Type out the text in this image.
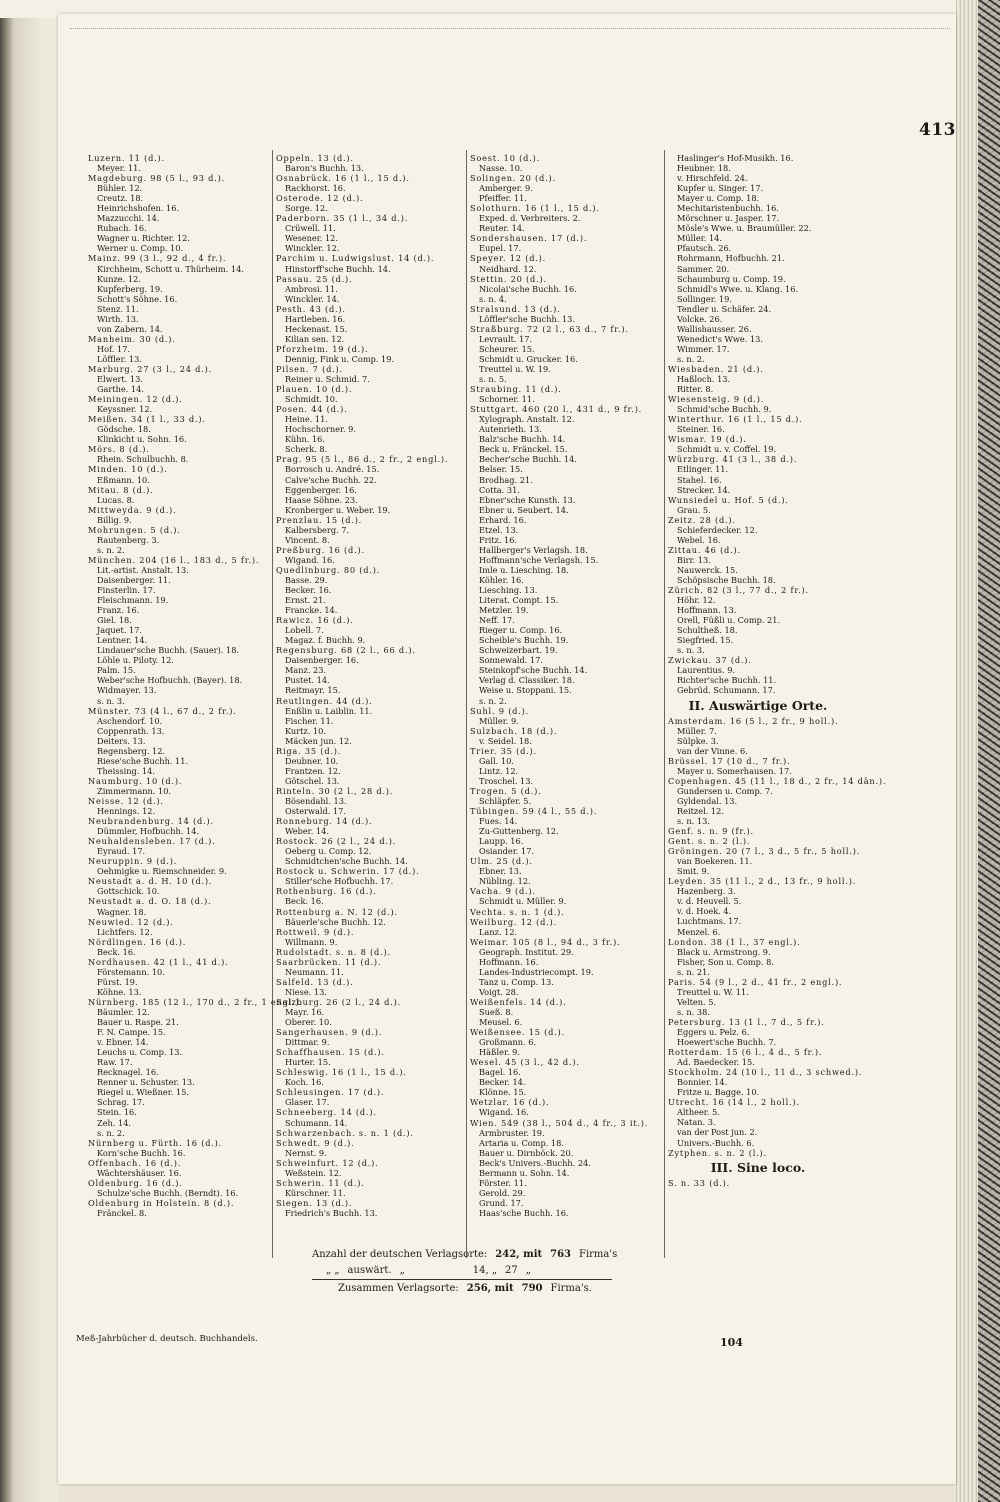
413
Luzern. 11 (d.).
Meyer. 11.
Magdeburg. 98 (5 l., 93 d.).
Bühler. 12.
Creutz. 18.
Heinrichshofen. 16.
Mazzucchi. 14.
Rubach. 16.
Wagner u. Richter. 12.
Werner u. Comp. 10.
Mainz. 99 (3 l., 92 d., 4 fr.).
Kirchheim, Schott u. Thürheim. 14.
Kunze. 12.
Kupferberg. 19.
Schott's Söhne. 16.
Stenz. 11.
Wirth. 13.
von Zabern. 14.
Manheim. 30 (d.).
Hof. 17.
Löffler. 13.
Marburg. 27 (3 l., 24 d.).
Elwert. 13.
Garthe. 14.
Meiningen. 12 (d.).
Keyssner. 12.
Meißen. 34 (1 l., 33 d.).
Gödsche. 18.
Klinkicht u. Sohn. 16.
Mörs. 8 (d.).
Rhein. Schulbuchh. 8.
Minden. 10 (d.).
Eßmann. 10.
Mitau. 8 (d.).
Lucas. 8.
Mittweyda. 9 (d.).
Billig. 9.
Mohrungen. 5 (d.).
Rautenberg. 3.
s. n. 2.
München. 204 (16 l., 183 d., 5 fr.).
Lit.-artist. Anstalt. 13.
Daisenberger. 11.
Finsterlin. 17.
Fleischmann. 19.
Franz. 16.
Giel. 18.
Jaquet. 17.
Lentner. 14.
Lindauer'sche Buchh. (Sauer). 18.
Löhle u. Piloty. 12.
Palm. 15.
Weber'sche Hofbuchh. (Bayer). 18.
Widmayer. 13.
s. n. 3.
Münster. 73 (4 l., 67 d., 2 fr.).
Aschendorf. 10.
Coppenrath. 13.
Deiters. 13.
Regensberg. 12.
Riese'sche Buchh. 11.
Theissing. 14.
Naumburg. 10 (d.).
Zimmermann. 10.
Neisse. 12 (d.).
Hennings. 12.
Neubrandenburg. 14 (d.).
Dümmler, Hofbuchh. 14.
Neuhaldensleben. 17 (d.).
Eyraud. 17.
Neuruppin. 9 (d.).
Oehmigke u. Riemschneider. 9.
Neustadt a. d. H. 10 (d.).
Gottschick. 10.
Neustadt a. d. O. 18 (d.).
Wagner. 18.
Neuwied. 12 (d.).
Lichtfers. 12.
Nördlingen. 16 (d.).
Beck. 16.
Nordhausen. 42 (1 l., 41 d.).
Förstemann. 10.
Fürst. 19.
Köhne. 13.
Nürnberg. 185 (12 l., 170 d., 2 fr., 1 engl.).
Bäumler. 12.
Bauer u. Raspe. 21.
F. N. Campe. 15.
v. Ebner. 14.
Leuchs u. Comp. 13.
Raw. 17.
Recknagel. 16.
Renner u. Schuster. 13.
Riegel u. Wießner. 15.
Schrag. 17.
Stein. 16.
Zeh. 14.
s. n. 2.
Nürnberg u. Fürth. 16 (d.).
Korn'sche Buchh. 16.
Offenbach. 16 (d.).
Wächtershäuser. 16.
Oldenburg. 16 (d.).
Schulze'sche Buchh. (Berndt). 16.
Oldenburg in Holstein. 8 (d.).
Fränckel. 8.
Oppeln. 13 (d.).
Baron's Buchh. 13.
Osnabrück. 16 (1 l., 15 d.).
Rackhorst. 16.
Osterode. 12 (d.).
Sorge. 12.
Paderborn. 35 (1 l., 34 d.).
Crüwell. 11.
Wesener. 12.
Winckler. 12.
Parchim u. Ludwigslust. 14 (d.).
Hinstorff'sche Buchh. 14.
Passau. 25 (d.).
Ambrosi. 11.
Winckler. 14.
Pesth. 43 (d.).
Hartleben. 16.
Heckenast. 15.
Kilian sen. 12.
Pforzheim. 19 (d.).
Dennig, Fink u. Comp. 19.
Pilsen. 7 (d.).
Reiner u. Schmid. 7.
Plauen. 10 (d.).
Schmidt. 10.
Posen. 44 (d.).
Heine. 11.
Hochschorner. 9.
Kühn. 16.
Scherk. 8.
Prag. 95 (5 l., 86 d., 2 fr., 2 engl.).
Borrosch u. André. 15.
Calve'sche Buchh. 22.
Eggenberger. 16.
Haase Söhne. 23.
Kronberger u. Weber. 19.
Prenzlau. 15 (d.).
Kalbersberg. 7.
Vincent. 8.
Preßburg. 16 (d.).
Wigand. 16.
Quedlinburg. 80 (d.).
Basse. 29.
Becker. 16.
Ernst. 21.
Francke. 14.
Rawicz. 16 (d.).
Lobell. 7.
Magaz. f. Buchh. 9.
Regensburg. 68 (2 l., 66 d.).
Daisenberger. 16.
Manz. 23.
Pustet. 14.
Reitmayr. 15.
Reutlingen. 44 (d.).
Enßlin u. Laiblin. 11.
Fischer. 11.
Kurtz. 10.
Mäcken jun. 12.
Riga. 35 (d.).
Deubner. 10.
Frantzen. 12.
Götschel. 13.
Rinteln. 30 (2 l., 28 d.).
Bösendahl. 13.
Osterwald. 17.
Ronneburg. 14 (d.).
Weber. 14.
Rostock. 26 (2 l., 24 d.).
Oeberg u. Comp. 12.
Schmidtchen'sche Buchh. 14.
Rostock u. Schwerin. 17 (d.).
Stiller'sche Hofbuchh. 17.
Rothenburg. 16 (d.).
Beck. 16.
Rottenburg a. N. 12 (d.).
Bäuerle'sche Buchh. 12.
Rottweil. 9 (d.).
Willmann. 9.
Rudolstadt. s. n. 8 (d.).
Saarbrücken. 11 (d.).
Neumann. 11.
Salfeld. 13 (d.).
Niese. 13.
Salzburg. 26 (2 l., 24 d.).
Mayr. 16.
Oberer. 10.
Sangerhausen. 9 (d.).
Dittmar. 9.
Schaffhausen. 15 (d.).
Hurter. 15.
Schleswig. 16 (1 l., 15 d.).
Koch. 16.
Schleusingen. 17 (d.).
Glaser. 17.
Schneeberg. 14 (d.).
Schumann. 14.
Schwarzenbach. s. n. 1 (d.).
Schwedt. 9 (d.).
Nernst. 9.
Schweinfurt. 12 (d.).
Weßstein. 12.
Schwerin. 11 (d.).
Kürschner. 11.
Siegen. 13 (d.).
Friedrich's Buchh. 13.
Soest. 10 (d.).
Nasse. 10.
Solingen. 20 (d.).
Amberger. 9.
Pfeiffer. 11.
Solothurn. 16 (1 l., 15 d.).
Exped. d. Verbreiters. 2.
Reuter. 14.
Sondershausen. 17 (d.).
Eupel. 17.
Speyer. 12 (d.).
Neidhard. 12.
Stettin. 20 (d.).
Nicolai'sche Buchh. 16.
s. n. 4.
Stralsund. 13 (d.).
Löffler'sche Buchh. 13.
Straßburg. 72 (2 l., 63 d., 7 fr.).
Levrault. 17.
Scheurer. 15.
Schmidt u. Grucker. 16.
Treuttel u. W. 19.
s. n. 5.
Straubing. 11 (d.).
Schorner. 11.
Stuttgart. 460 (20 l., 431 d., 9 fr.).
Xylograph. Anstalt. 12.
Autenrieth. 13.
Balz'sche Buchh. 14.
Beck u. Fränckel. 15.
Becher'sche Buchh. 14.
Belser. 15.
Brodhag. 21.
Cotta. 31.
Ebner'sche Kunsth. 13.
Ebner u. Seubert. 14.
Erhard. 16.
Etzel. 13.
Fritz. 16.
Hallberger's Verlagsh. 18.
Hoffmann'sche Verlagsh. 15.
Imle u. Liesching. 18.
Köhler. 16.
Liesching. 13.
Literat. Compt. 15.
Metzler. 19.
Neff. 17.
Rieger u. Comp. 16.
Scheible's Buchh. 19.
Schweizerbart. 19.
Sonnewald. 17.
Steinkopf'sche Buchh. 14.
Verlag d. Classiker. 18.
Weise u. Stoppani. 15.
s. n. 2.
Suhl. 9 (d.).
Müller. 9.
Sulzbach. 18 (d.).
v. Seidel. 18.
Trier. 35 (d.).
Gall. 10.
Lintz. 12.
Troschel. 13.
Trogen. 5 (d.).
Schläpfer. 5.
Tübingen. 59 (4 l., 55 d.).
Fues. 14.
Zu-Guttenberg. 12.
Laupp. 16.
Osiander. 17.
Ulm. 25 (d.).
Ebner. 13.
Nübling. 12.
Vacha. 9 (d.).
Schmidt u. Müller. 9.
Vechta. s. n. 1 (d.).
Weilburg. 12 (d.).
Lanz. 12.
Weimar. 105 (8 l., 94 d., 3 fr.).
Geograph. Institut. 29.
Hoffmann. 16.
Landes-Industriecompt. 19.
Tanz u. Comp. 13.
Voigt. 28.
Weißenfels. 14 (d.).
Sueß. 8.
Meusel. 6.
Weißensee. 15 (d.).
Großmann. 6.
Häßler. 9.
Wesel. 45 (3 l., 42 d.).
Bagel. 16.
Becker. 14.
Klönne. 15.
Wetzlar. 16 (d.).
Wigand. 16.
Wien. 549 (38 l., 504 d., 4 fr., 3 it.).
Armbruster. 19.
Artaria u. Comp. 18.
Bauer u. Dirnböck. 20.
Beck's Univers.-Buchh. 24.
Bermann u. Sohn. 14.
Förster. 11.
Gerold. 29.
Grund. 17.
Haas'sche Buchh. 16.
Haslinger's Hof-Musikh. 16.
Heubner. 18.
v. Hirschfeld. 24.
Kupfer u. Singer. 17.
Mayer u. Comp. 18.
Mechitaristenbuchh. 16.
Mörschner u. Jasper. 17.
Mösle's Wwe. u. Braumüller. 22.
Müller. 14.
Pfautsch. 26.
Rohrmann, Hofbuchh. 21.
Sammer. 20.
Schaumburg u. Comp. 19.
Schmidl's Wwe. u. Klang. 16.
Sollinger. 19.
Tendler u. Schäfer. 24.
Volcke. 26.
Wallishausser. 26.
Wenedict's Wwe. 13.
Wimmer. 17.
s. n. 2.
Wiesbaden. 21 (d.).
Haßloch. 13.
Ritter. 8.
Wiesensteig. 9 (d.).
Schmid'sche Buchh. 9.
Winterthur. 16 (1 l., 15 d.).
Steiner. 16.
Wismar. 19 (d.).
Schmidt u. v. Coffel. 19.
Würzburg. 41 (3 l., 38 d.).
Etlinger. 11.
Stahel. 16.
Strecker. 14.
Wunsiedel u. Hof. 5 (d.).
Grau. 5.
Zeitz. 28 (d.).
Schieferdecker. 12.
Webel. 16.
Zittau. 46 (d.).
Birr. 13.
Nauwerck. 15.
Schöpsische Buchh. 18.
Zürich. 82 (3 l., 77 d., 2 fr.).
Höhr. 12.
Hoffmann. 13.
Orell, Füßli u. Comp. 21.
Schultheß. 18.
Siegfried. 15.
s. n. 3.
Zwickau. 37 (d.).
Laurentius. 9.
Richter'sche Buchh. 11.
Gebrüd. Schumann. 17.
II. Auswärtige Orte.
Amsterdam. 16 (5 l., 2 fr., 9 holl.).
Müller. 7.
Sülpke. 3.
van der Vinne. 6.
Brüssel. 17 (10 d., 7 fr.).
Mayer u. Somerhausen. 17.
Copenhagen. 45 (11 l., 18 d., 2 fr., 14 dän.).
Gundersen u. Comp. 7.
Gyldendal. 13.
Reitzel. 12.
s. n. 13.
Genf. s. n. 9 (fr.).
Gent. s. n. 2 (l.).
Gröningen. 20 (7 l., 3 d., 5 fr., 5 holl.).
van Boekeren. 11.
Smit. 9.
Leyden. 35 (11 l., 2 d., 13 fr., 9 holl.).
Hazenberg. 3.
v. d. Heuvell. 5.
v. d. Hoek. 4.
Luchtmans. 17.
Menzel. 6.
London. 38 (1 l., 37 engl.).
Black u. Armstrong. 9.
Fisher, Son u. Comp. 8.
s. n. 21.
Paris. 54 (9 l., 2 d., 41 fr., 2 engl.).
Treuttel u. W. 11.
Velten. 5.
s. n. 38.
Petersburg. 13 (1 l., 7 d., 5 fr.).
Eggers u. Pelz. 6.
Hoewert'sche Buchh. 7.
Rotterdam. 15 (6 l., 4 d., 5 fr.).
Ad. Baedecker. 15.
Stockholm. 24 (10 l., 11 d., 3 schwed.).
Bonnier. 14.
Fritze u. Bagge. 10.
Utrecht. 16 (14 l., 2 holl.).
Altheer. 5.
Natan. 3.
van der Post jun. 2.
Univers.-Buchh. 6.
Zytphen. s. n. 2 (l.).
III. Sine loco.
S. n. 33 (d.).
Anzahl der deutschen Verlagsorte: 242, mit 763 Firma's
„ „ auswärt. „	14, „ 27 „
Zusammen Verlagsorte: 256, mit 790 Firma's.
Meß-Jahrbücher d. deutsch. Buchhandels.	104
